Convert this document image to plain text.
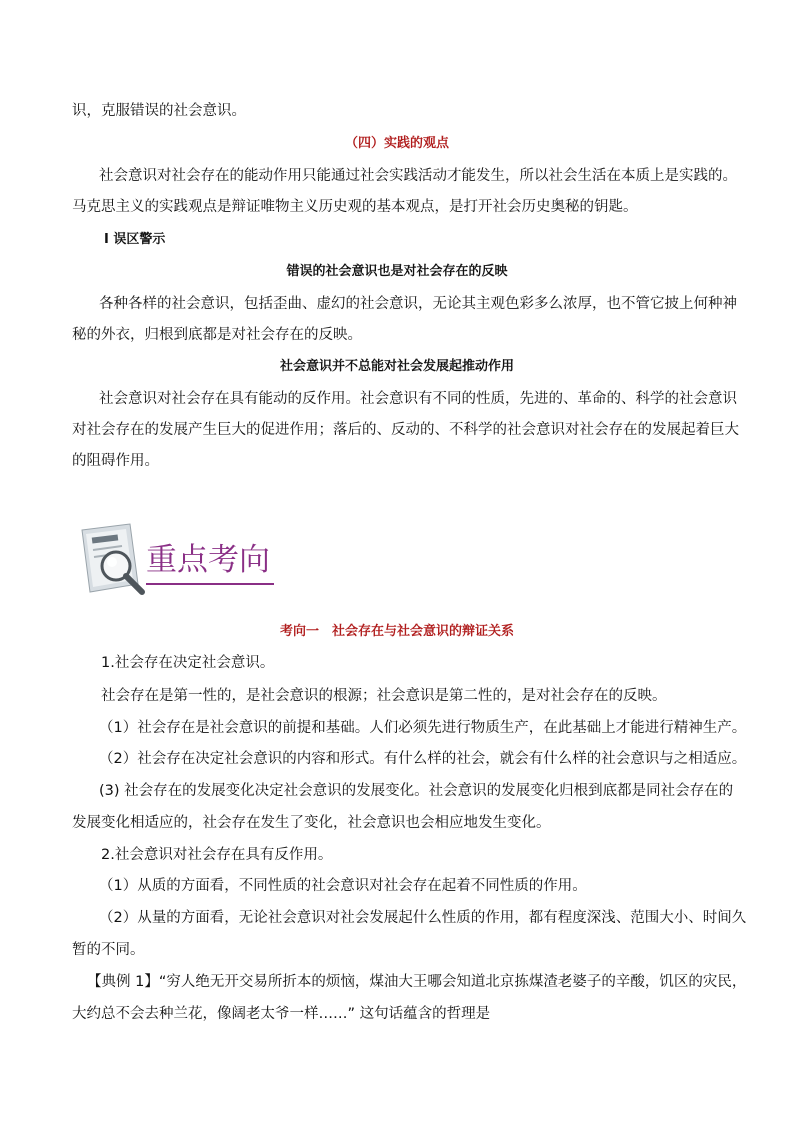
识，克服错误的社会意识。
（四）实践的观点
社会意识对社会存在的能动作用只能通过社会实践活动才能发生，所以社会生活在本质上是实践的。
马克思主义的实践观点是辩证唯物主义历史观的基本观点，是打开社会历史奥秘的钥匙。
Ⅰ 误区警示
错误的社会意识也是对社会存在的反映
各种各样的社会意识，包括歪曲、虚幻的社会意识，无论其主观色彩多么浓厚，也不管它披上何种神
秘的外衣，归根到底都是对社会存在的反映。
社会意识并不总能对社会发展起推动作用
社会意识对社会存在具有能动的反作用。社会意识有不同的性质，先进的、革命的、科学的社会意识
对社会存在的发展产生巨大的促进作用；落后的、反动的、不科学的社会意识对社会存在的发展起着巨大
的阻碍作用。
重点考向
考向一　社会存在与社会意识的辩证关系
1.社会存在决定社会意识。
社会存在是第一性的，是社会意识的根源；社会意识是第二性的，是对社会存在的反映。
（1）社会存在是社会意识的前提和基础。人们必须先进行物质生产，在此基础上才能进行精神生产。
（2）社会存在决定社会意识的内容和形式。有什么样的社会，就会有什么样的社会意识与之相适应。
(3) 社会存在的发展变化决定社会意识的发展变化。社会意识的发展变化归根到底都是同社会存在的
发展变化相适应的，社会存在发生了变化，社会意识也会相应地发生变化。
2.社会意识对社会存在具有反作用。
（1）从质的方面看，不同性质的社会意识对社会存在起着不同性质的作用。
（2）从量的方面看，无论社会意识对社会发展起什么性质的作用，都有程度深浅、范围大小、时间久
暂的不同。
【典例 1】“穷人绝无开交易所折本的烦恼，煤油大王哪会知道北京拣煤渣老婆子的辛酸，饥区的灾民，
大约总不会去种兰花，像阔老太爷一样……” 这句话蕴含的哲理是
